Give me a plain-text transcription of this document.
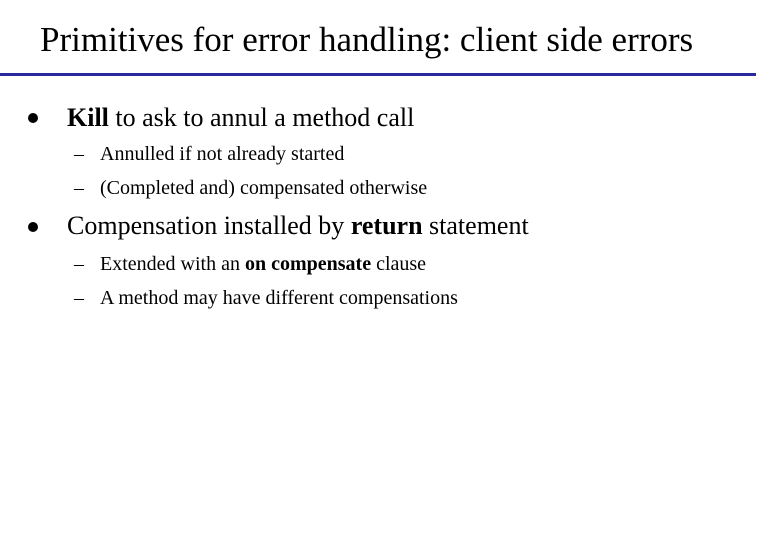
Primitives for error handling: client side errors
Kill to ask to annul a method call
– Annulled if not already started
– (Completed and) compensated otherwise
Compensation installed by return statement
– Extended with an on compensate clause
– A method may have different compensations
